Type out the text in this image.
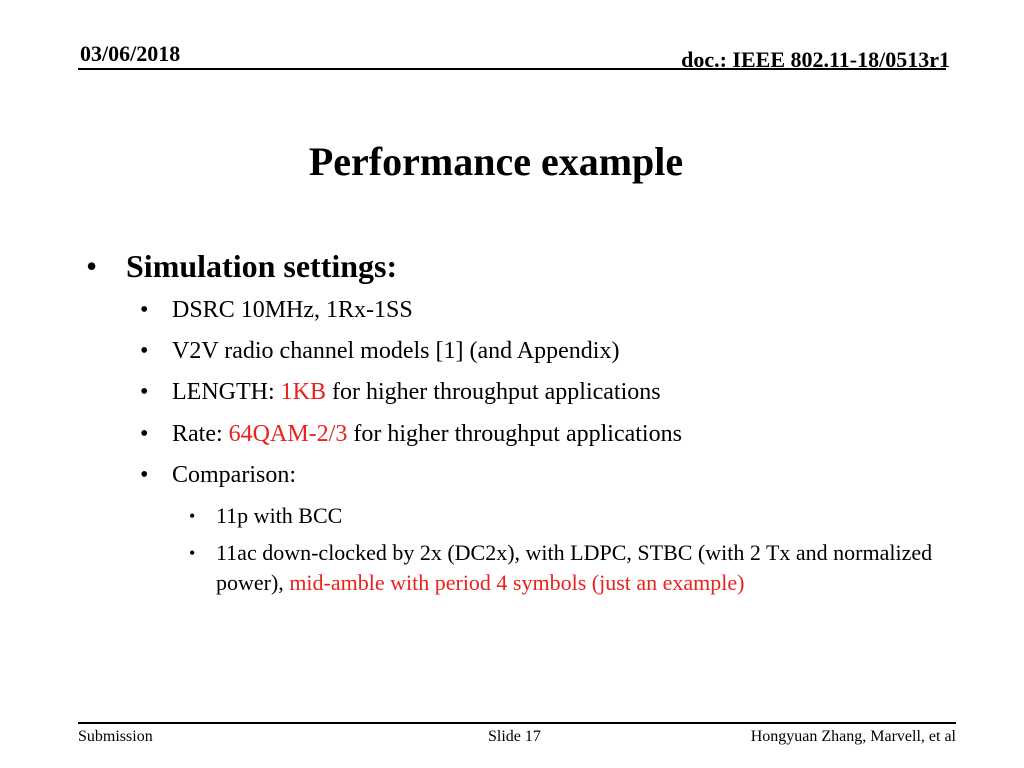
03/06/2018	doc.: IEEE 802.11-18/0513r1
Performance example
• Simulation settings:
• DSRC 10MHz, 1Rx-1SS
• V2V radio channel models [1] (and Appendix)
• LENGTH: 1KB for higher throughput applications
• Rate: 64QAM-2/3 for higher throughput applications
• Comparison:
• 11p with BCC
• 11ac down-clocked by 2x (DC2x), with LDPC, STBC (with 2 Tx and normalized power), mid-amble with period 4 symbols (just an example)
Submission	Slide 17	Hongyuan Zhang, Marvell, et al
